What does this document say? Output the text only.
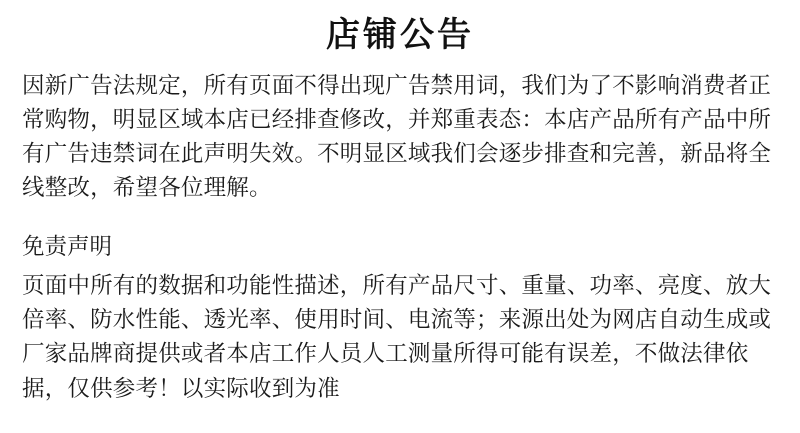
店铺公告

因新广告法规定，所有页面不得出现广告禁用词，我们为了不影响消费者正常购物，明显区域本店已经排查修改，并郑重表态：本店产品所有产品中所有广告违禁词在此声明失效。不明显区域我们会逐步排查和完善，新品将全线整改，希望各位理解。

免责声明

页面中所有的数据和功能性描述，所有产品尺寸、重量、功率、亮度、放大倍率、防水性能、透光率、使用时间、电流等；来源出处为网店自动生成或厂家品牌商提供或者本店工作人员人工测量所得可能有误差，不做法律依据，仅供参考！以实际收到为准
